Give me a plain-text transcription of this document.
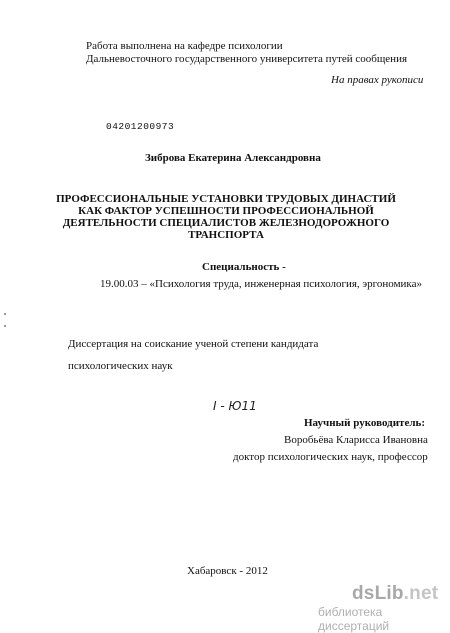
Работа выполнена на кафедре психологии
Дальневосточного государственного университета путей сообщения
На правах рукописи
04201200973
Зиброва Екатерина Александровна
ПРОФЕССИОНАЛЬНЫЕ УСТАНОВКИ ТРУДОВЫХ ДИНАСТИЙ
КАК ФАКТОР УСПЕШНОСТИ ПРОФЕССИОНАЛЬНОЙ
ДЕЯТЕЛЬНОСТИ СПЕЦИАЛИСТОВ ЖЕЛЕЗНОДОРОЖНОГО
ТРАНСПОРТА
Специальность -
19.00.03 – «Психология труда, инженерная психология, эргономика»
Диссертация на соискание ученой степени кандидата
психологических наук
I - Ю11
Научный руководитель:
Воробьёва Кларисса Ивановна
доктор психологических наук, профессор
Хабаровск - 2012
dsLib.net
библиотека диссертаций
